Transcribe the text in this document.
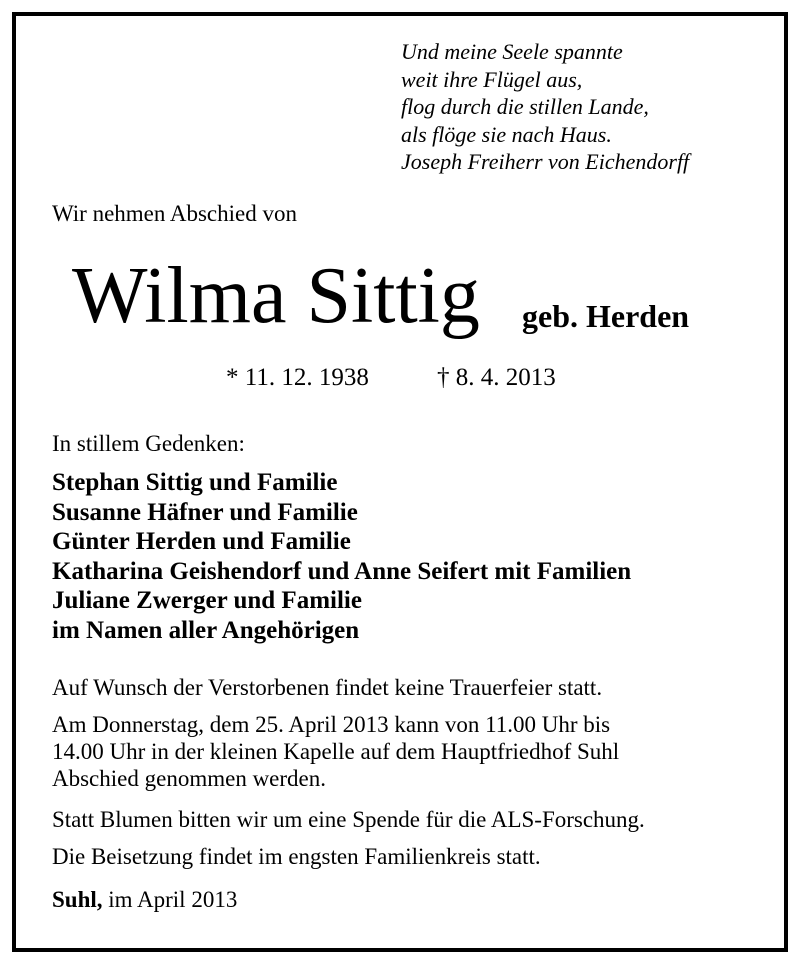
Und meine Seele spannte
weit ihre Flügel aus,
flog durch die stillen Lande,
als flöge sie nach Haus.
Joseph Freiherr von Eichendorff
Wir nehmen Abschied von
Wilma Sittig geb. Herden
* 11. 12. 1938	† 8. 4. 2013
In stillem Gedenken:
Stephan Sittig und Familie
Susanne Häfner und Familie
Günter Herden und Familie
Katharina Geishendorf und Anne Seifert mit Familien
Juliane Zwerger und Familie
im Namen aller Angehörigen
Auf Wunsch der Verstorbenen findet keine Trauerfeier statt.
Am Donnerstag, dem 25. April 2013 kann von 11.00 Uhr bis
14.00 Uhr in der kleinen Kapelle auf dem Hauptfriedhof Suhl
Abschied genommen werden.
Statt Blumen bitten wir um eine Spende für die ALS-Forschung.
Die Beisetzung findet im engsten Familienkreis statt.
Suhl, im April 2013
